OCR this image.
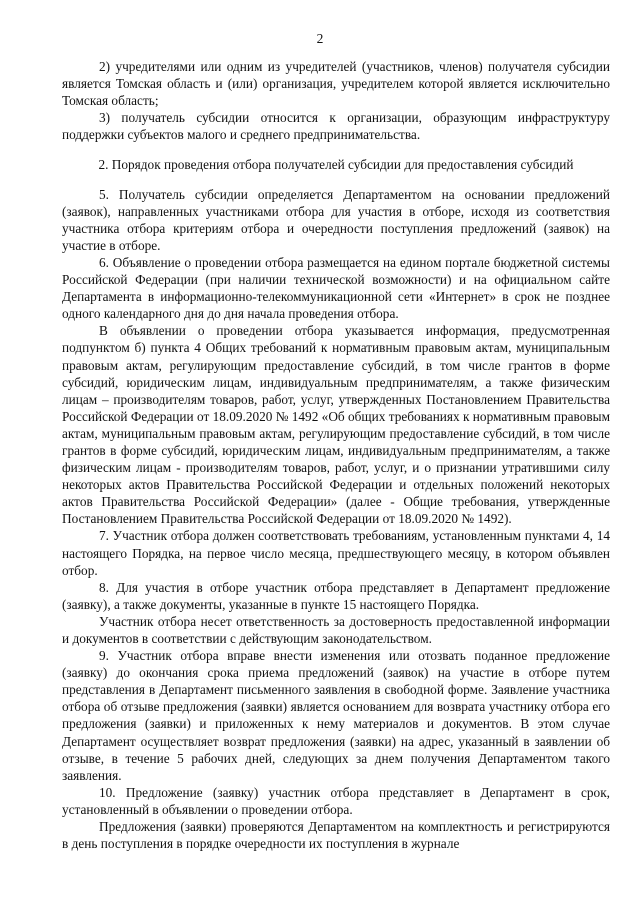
2

2) учредителями или одним из учредителей (участников, членов) получателя субсидии является Томская область и (или) организация, учредителем которой является исключительно Томская область;

3) получатель субсидии относится к организации, образующим инфраструктуру поддержки субъектов малого и среднего предпринимательства.

2. Порядок проведения отбора получателей субсидии для предоставления субсидий

5. Получатель субсидии определяется Департаментом на основании предложений (заявок), направленных участниками отбора для участия в отборе, исходя из соответствия участника отбора критериям отбора и очередности поступления предложений (заявок) на участие в отборе.

6. Объявление о проведении отбора размещается на едином портале бюджетной системы Российской Федерации (при наличии технической возможности) и на официальном сайте Департамента в информационно-телекоммуникационной сети «Интернет» в срок не позднее одного календарного дня до дня начала проведения отбора.

В объявлении о проведении отбора указывается информация, предусмотренная подпунктом б) пункта 4 Общих требований к нормативным правовым актам, муниципальным правовым актам, регулирующим предоставление субсидий, в том числе грантов в форме субсидий, юридическим лицам, индивидуальным предпринимателям, а также физическим лицам – производителям товаров, работ, услуг, утвержденных Постановлением Правительства Российской Федерации от 18.09.2020 № 1492 «Об общих требованиях к нормативным правовым актам, муниципальным правовым актам, регулирующим предоставление субсидий, в том числе грантов в форме субсидий, юридическим лицам, индивидуальным предпринимателям, а также физическим лицам - производителям товаров, работ, услуг, и о признании утратившими силу некоторых актов Правительства Российской Федерации и отдельных положений некоторых актов Правительства Российской Федерации» (далее - Общие требования, утвержденные Постановлением Правительства Российской Федерации от 18.09.2020 № 1492).

7. Участник отбора должен соответствовать требованиям, установленным пунктами 4, 14 настоящего Порядка, на первое число месяца, предшествующего месяцу, в котором объявлен отбор.

8. Для участия в отборе участник отбора представляет в Департамент предложение (заявку), а также документы, указанные в пункте 15 настоящего Порядка.

Участник отбора несет ответственность за достоверность предоставленной информации и документов в соответствии с действующим законодательством.

9. Участник отбора вправе внести изменения или отозвать поданное предложение (заявку) до окончания срока приема предложений (заявок) на участие в отборе путем представления в Департамент письменного заявления в свободной форме. Заявление участника отбора об отзыве предложения (заявки) является основанием для возврата участнику отбора его предложения (заявки) и приложенных к нему материалов и документов. В этом случае Департамент осуществляет возврат предложения (заявки) на адрес, указанный в заявлении об отзыве, в течение 5 рабочих дней, следующих за днем получения Департаментом такого заявления.

10. Предложение (заявку) участник отбора представляет в Департамент в срок, установленный в объявлении о проведении отбора.

Предложения (заявки) проверяются Департаментом на комплектность и регистрируются в день поступления в порядке очередности их поступления в журнале
